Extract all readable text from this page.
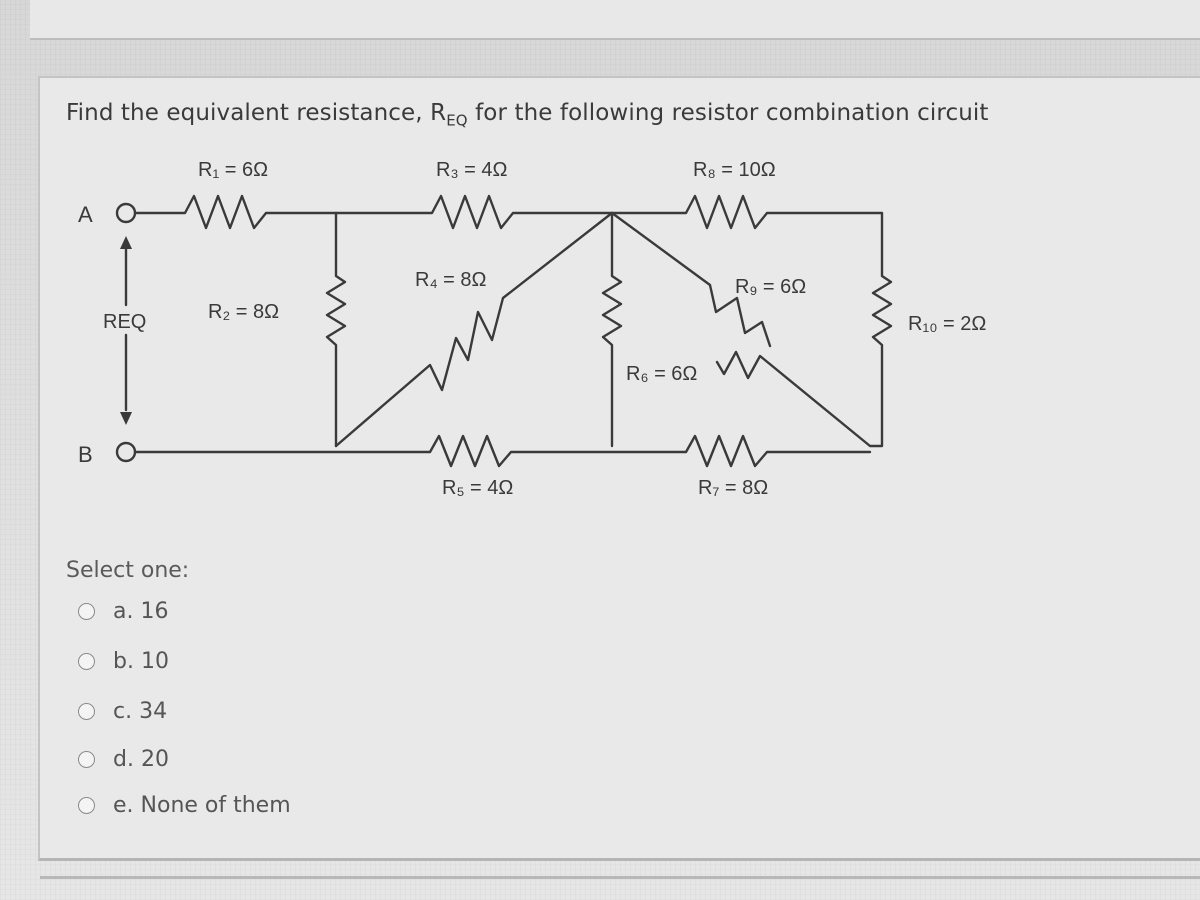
Find the equivalent resistance, $R_{EQ}$ for the following resistor combination circuit
A
B
REQ
R₁ = 6Ω
R₂ = 8Ω
R₃ = 4Ω
R₄ = 8Ω
R₅ = 4Ω
R₆ = 6Ω
R₇ = 8Ω
R₈ = 10Ω
R₉ = 6Ω
R₁₀ = 2Ω
Select one:
a. 16
b. 10
c. 34
d. 20
e. None of them
